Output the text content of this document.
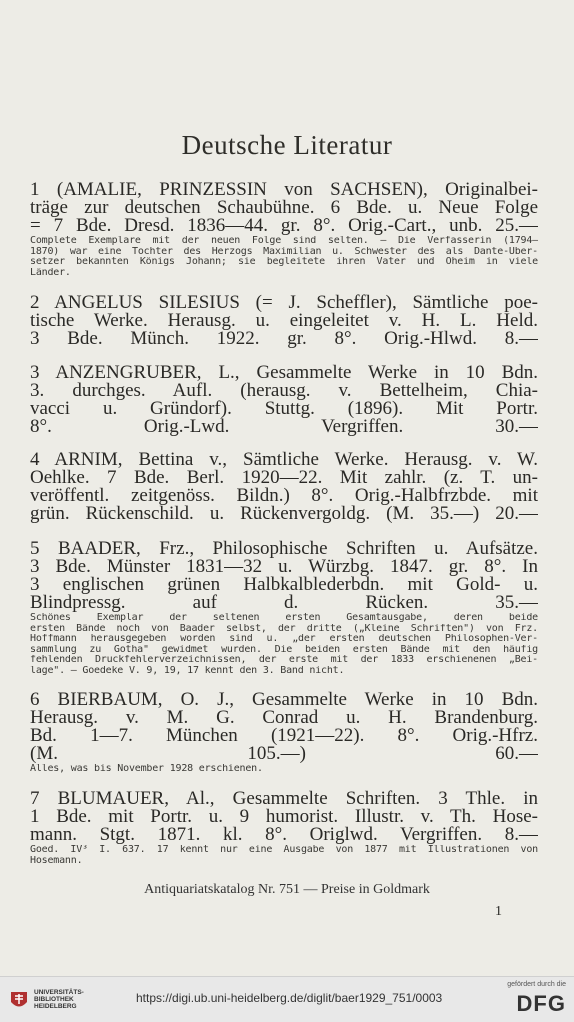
Deutsche Literatur
1 (AMALIE, PRINZESSIN von SACHSEN), Originalbei-
träge zur deutschen Schaubühne. 6 Bde. u. Neue Folge
= 7 Bde. Dresd. 1836—44. gr. 8°. Orig.-Cart., unb. 25.—
Complete Exemplare mit der neuen Folge sind selten. — Die Verfasserin (1794—
1870) war eine Tochter des Herzogs Maximilian u. Schwester des als Dante-Über-
setzer bekannten Königs Johann; sie begleitete ihren Vater und Oheim in viele
Länder.
2 ANGELUS SILESIUS (= J. Scheffler), Sämtliche poe-
tische Werke. Herausg. u. eingeleitet v. H. L. Held.
3 Bde. Münch. 1922. gr. 8°. Orig.-Hlwd. 8.—
3 ANZENGRUBER, L., Gesammelte Werke in 10 Bdn.
3. durchges. Aufl. (herausg. v. Bettelheim, Chia-
vacci u. Gründorf). Stuttg. (1896). Mit Portr.
8°. Orig.-Lwd. Vergriffen. 30.—
4 ARNIM, Bettina v., Sämtliche Werke. Herausg. v. W.
Oehlke. 7 Bde. Berl. 1920—22. Mit zahlr. (z. T. un-
veröffentl. zeitgenöss. Bildn.) 8°. Orig.-Halbfrzbde. mit
grün. Rückenschild. u. Rückenvergoldg. (M. 35.—) 20.—
5 BAADER, Frz., Philosophische Schriften u. Aufsätze.
3 Bde. Münster 1831—32 u. Würzbg. 1847. gr. 8°. In
3 englischen grünen Halbkalblederbdn. mit Gold- u.
Blindpressg. auf d. Rücken. 35.—
Schönes Exemplar der seltenen ersten Gesamtausgabe, deren beide
ersten Bände noch von Baader selbst, der dritte („Kleine Schriften") von Frz.
Hoffmann herausgegeben worden sind u. „der ersten deutschen Philosophen-Ver-
sammlung zu Gotha" gewidmet wurden. Die beiden ersten Bände mit den häufig
fehlenden Druckfehlerverzeichnissen, der erste mit der 1833 erschienenen „Bei-
lage". — Goedeke V. 9, 19, 17 kennt den 3. Band nicht.
6 BIERBAUM, O. J., Gesammelte Werke in 10 Bdn.
Herausg. v. M. G. Conrad u. H. Brandenburg.
Bd. 1—7. München (1921—22). 8°. Orig.-Hfrz.
(M. 105.—) 60.—
Alles, was bis November 1928 erschienen.
7 BLUMAUER, Al., Gesammelte Schriften. 3 Thle. in
1 Bde. mit Portr. u. 9 humorist. Illustr. v. Th. Hose-
mann. Stgt. 1871. kl. 8°. Origlwd. Vergriffen. 8.—
Goed. IV³ I. 637. 17 kennt nur eine Ausgabe von 1877 mit Illustrationen von
Hosemann.
Antiquariatskatalog Nr. 751 — Preise in Goldmark
1
UNIVERSITÄTS-
BIBLIOTHEK
HEIDELBERG
https://digi.ub.uni-heidelberg.de/diglit/baer1929_751/0003
gefördert durch die
DFG
